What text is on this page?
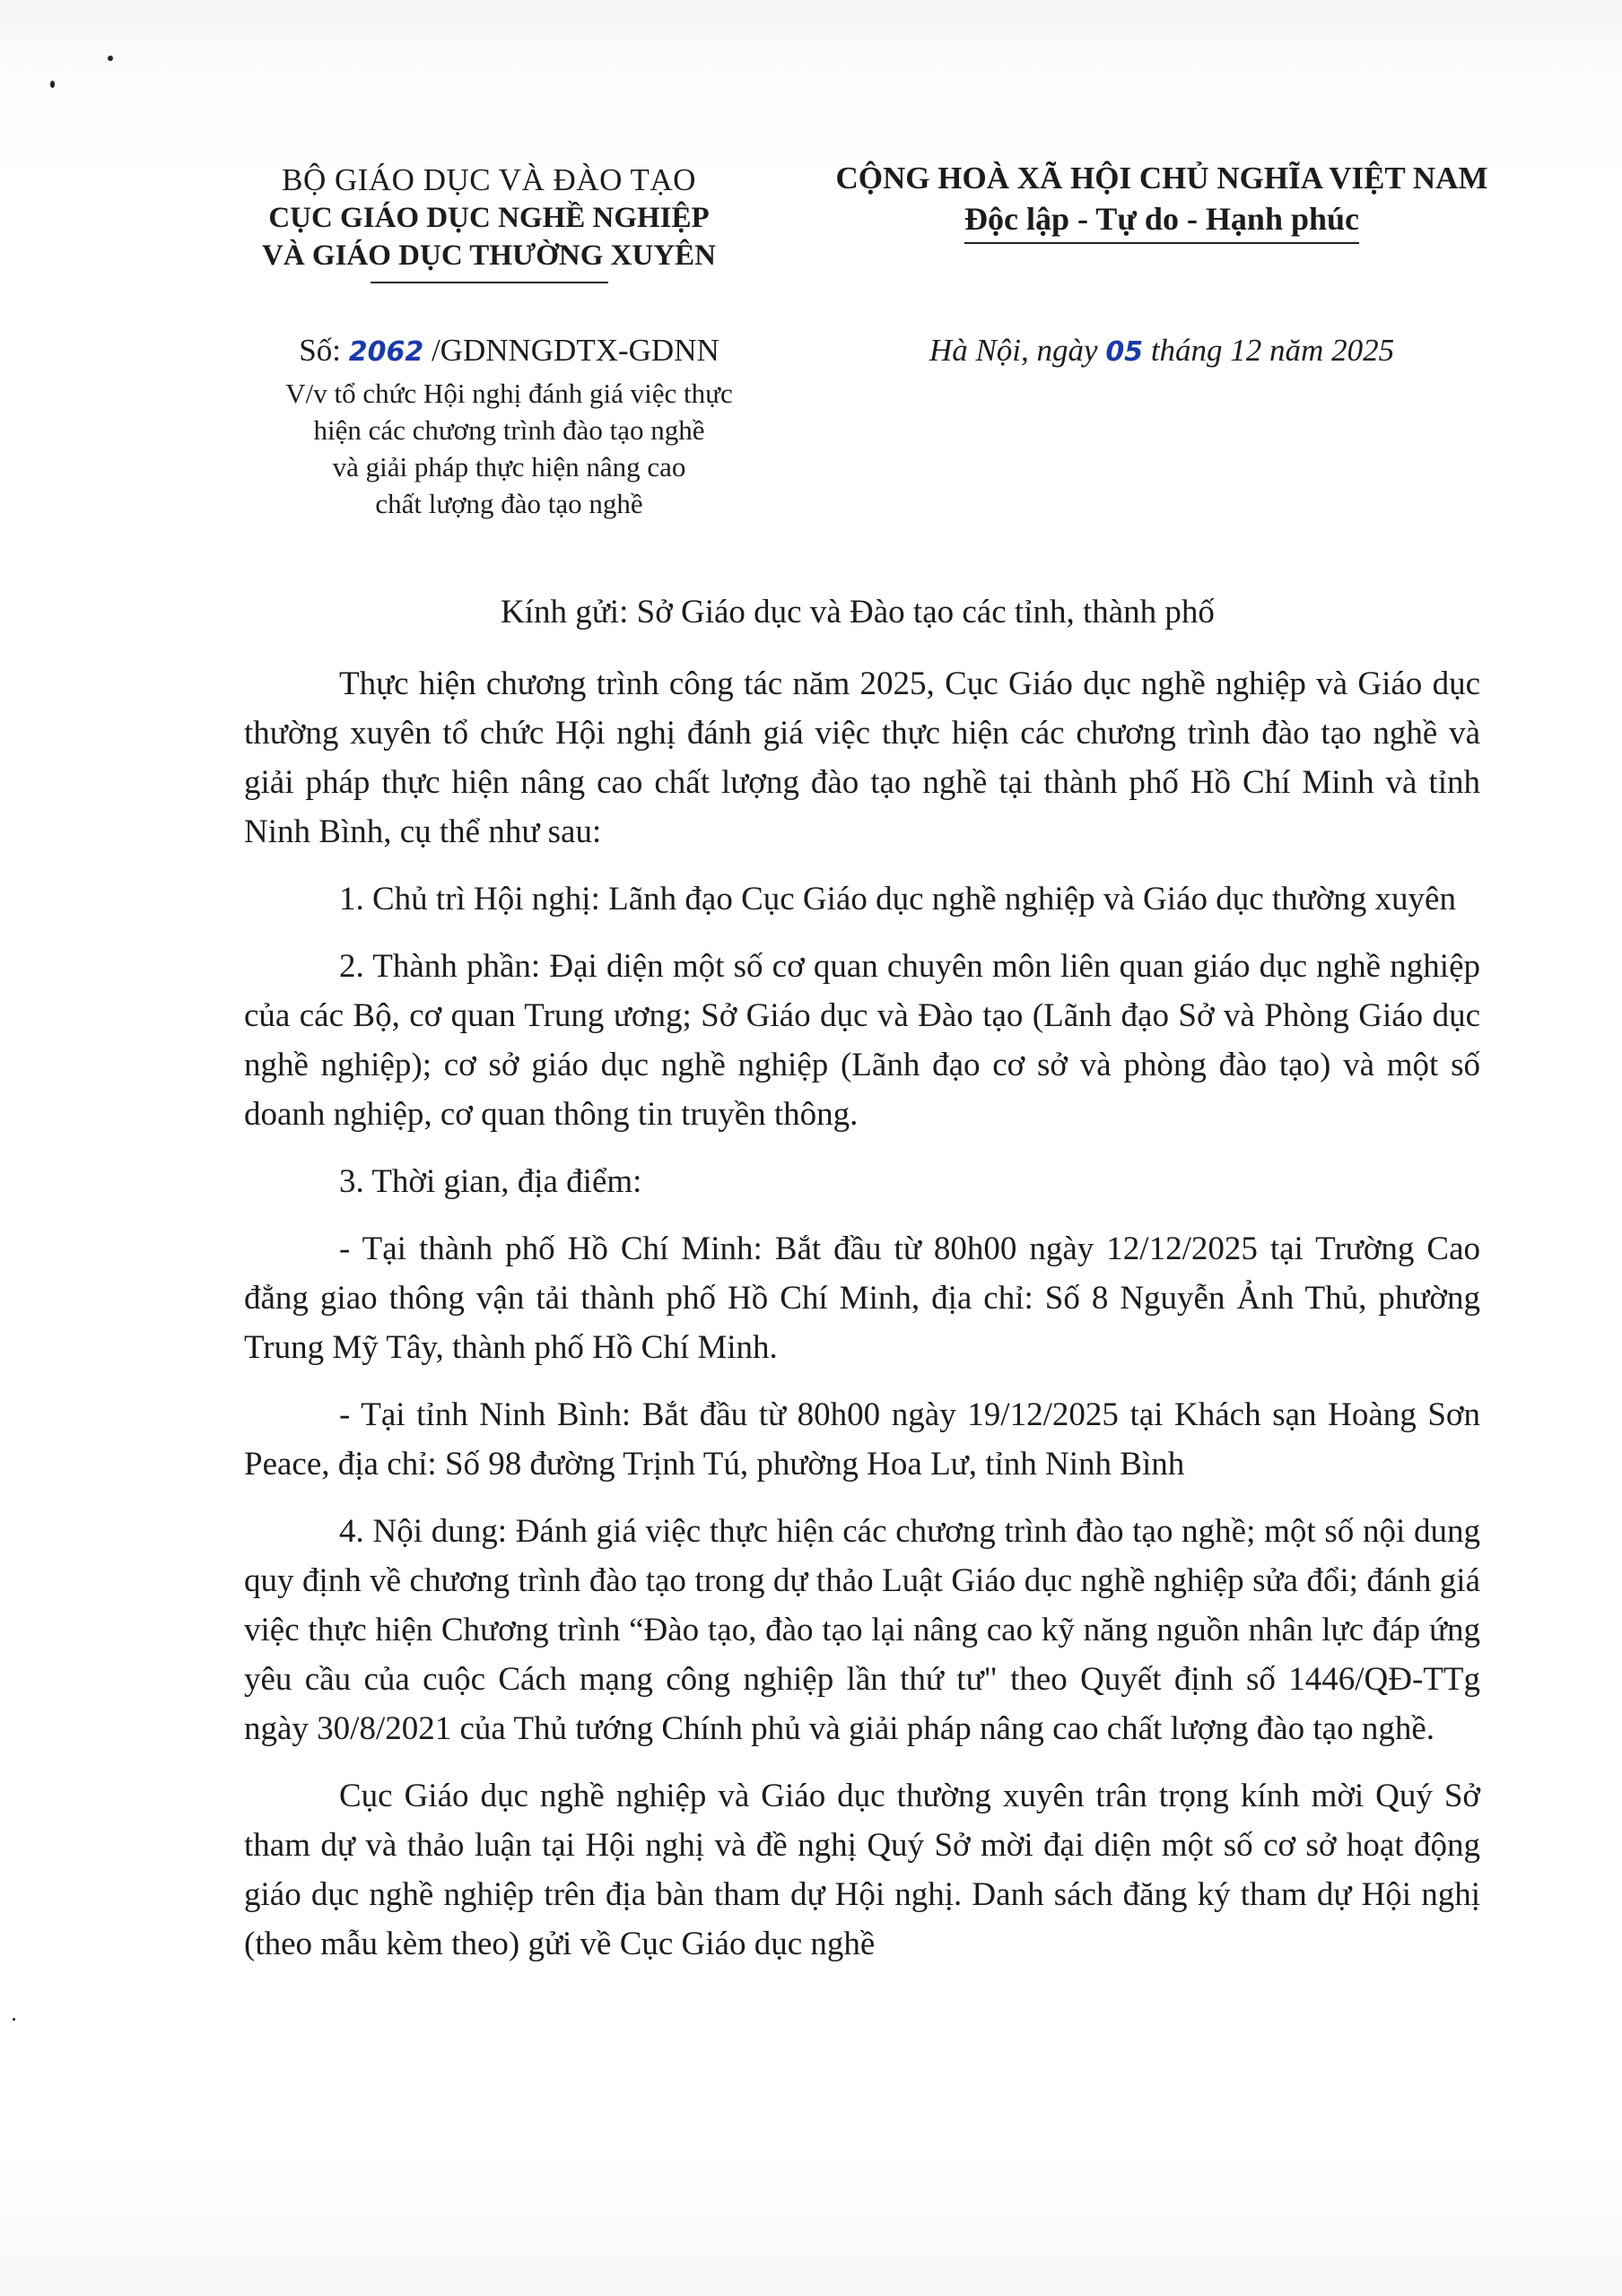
BỘ GIÁO DỤC VÀ ĐÀO TẠO
CỤC GIÁO DỤC NGHỀ NGHIỆP
VÀ GIÁO DỤC THƯỜNG XUYÊN
CỘNG HOÀ XÃ HỘI CHỦ NGHĨA VIỆT NAM
Độc lập - Tự do - Hạnh phúc
Số: 2062 /GDNNGDTX-GDNN
V/v tổ chức Hội nghị đánh giá việc thực
hiện các chương trình đào tạo nghề
và giải pháp thực hiện nâng cao
chất lượng đào tạo nghề
Hà Nội, ngày 05 tháng 12 năm 2025
Kính gửi: Sở Giáo dục và Đào tạo các tỉnh, thành phố

Thực hiện chương trình công tác năm 2025, Cục Giáo dục nghề nghiệp và Giáo dục thường xuyên tổ chức Hội nghị đánh giá việc thực hiện các chương trình đào tạo nghề và giải pháp thực hiện nâng cao chất lượng đào tạo nghề tại thành phố Hồ Chí Minh và tỉnh Ninh Bình, cụ thể như sau:

1. Chủ trì Hội nghị: Lãnh đạo Cục Giáo dục nghề nghiệp và Giáo dục thường xuyên

2. Thành phần: Đại diện một số cơ quan chuyên môn liên quan giáo dục nghề nghiệp của các Bộ, cơ quan Trung ương; Sở Giáo dục và Đào tạo (Lãnh đạo Sở và Phòng Giáo dục nghề nghiệp); cơ sở giáo dục nghề nghiệp (Lãnh đạo cơ sở và phòng đào tạo) và một số doanh nghiệp, cơ quan thông tin truyền thông.

3. Thời gian, địa điểm:

- Tại thành phố Hồ Chí Minh: Bắt đầu từ 80h00 ngày 12/12/2025 tại Trường Cao đẳng giao thông vận tải thành phố Hồ Chí Minh, địa chỉ: Số 8 Nguyễn Ảnh Thủ, phường Trung Mỹ Tây, thành phố Hồ Chí Minh.

- Tại tỉnh Ninh Bình: Bắt đầu từ 80h00 ngày 19/12/2025 tại Khách sạn Hoàng Sơn Peace, địa chỉ: Số 98 đường Trịnh Tú, phường Hoa Lư, tỉnh Ninh Bình

4. Nội dung: Đánh giá việc thực hiện các chương trình đào tạo nghề; một số nội dung quy định về chương trình đào tạo trong dự thảo Luật Giáo dục nghề nghiệp sửa đổi; đánh giá việc thực hiện Chương trình “Đào tạo, đào tạo lại nâng cao kỹ năng nguồn nhân lực đáp ứng yêu cầu của cuộc Cách mạng công nghiệp lần thứ tư" theo Quyết định số 1446/QĐ-TTg ngày 30/8/2021 của Thủ tướng Chính phủ và giải pháp nâng cao chất lượng đào tạo nghề.

Cục Giáo dục nghề nghiệp và Giáo dục thường xuyên trân trọng kính mời Quý Sở tham dự và thảo luận tại Hội nghị và đề nghị Quý Sở mời đại diện một số cơ sở hoạt động giáo dục nghề nghiệp trên địa bàn tham dự Hội nghị. Danh sách đăng ký tham dự Hội nghị (theo mẫu kèm theo) gửi về Cục Giáo dục nghề
